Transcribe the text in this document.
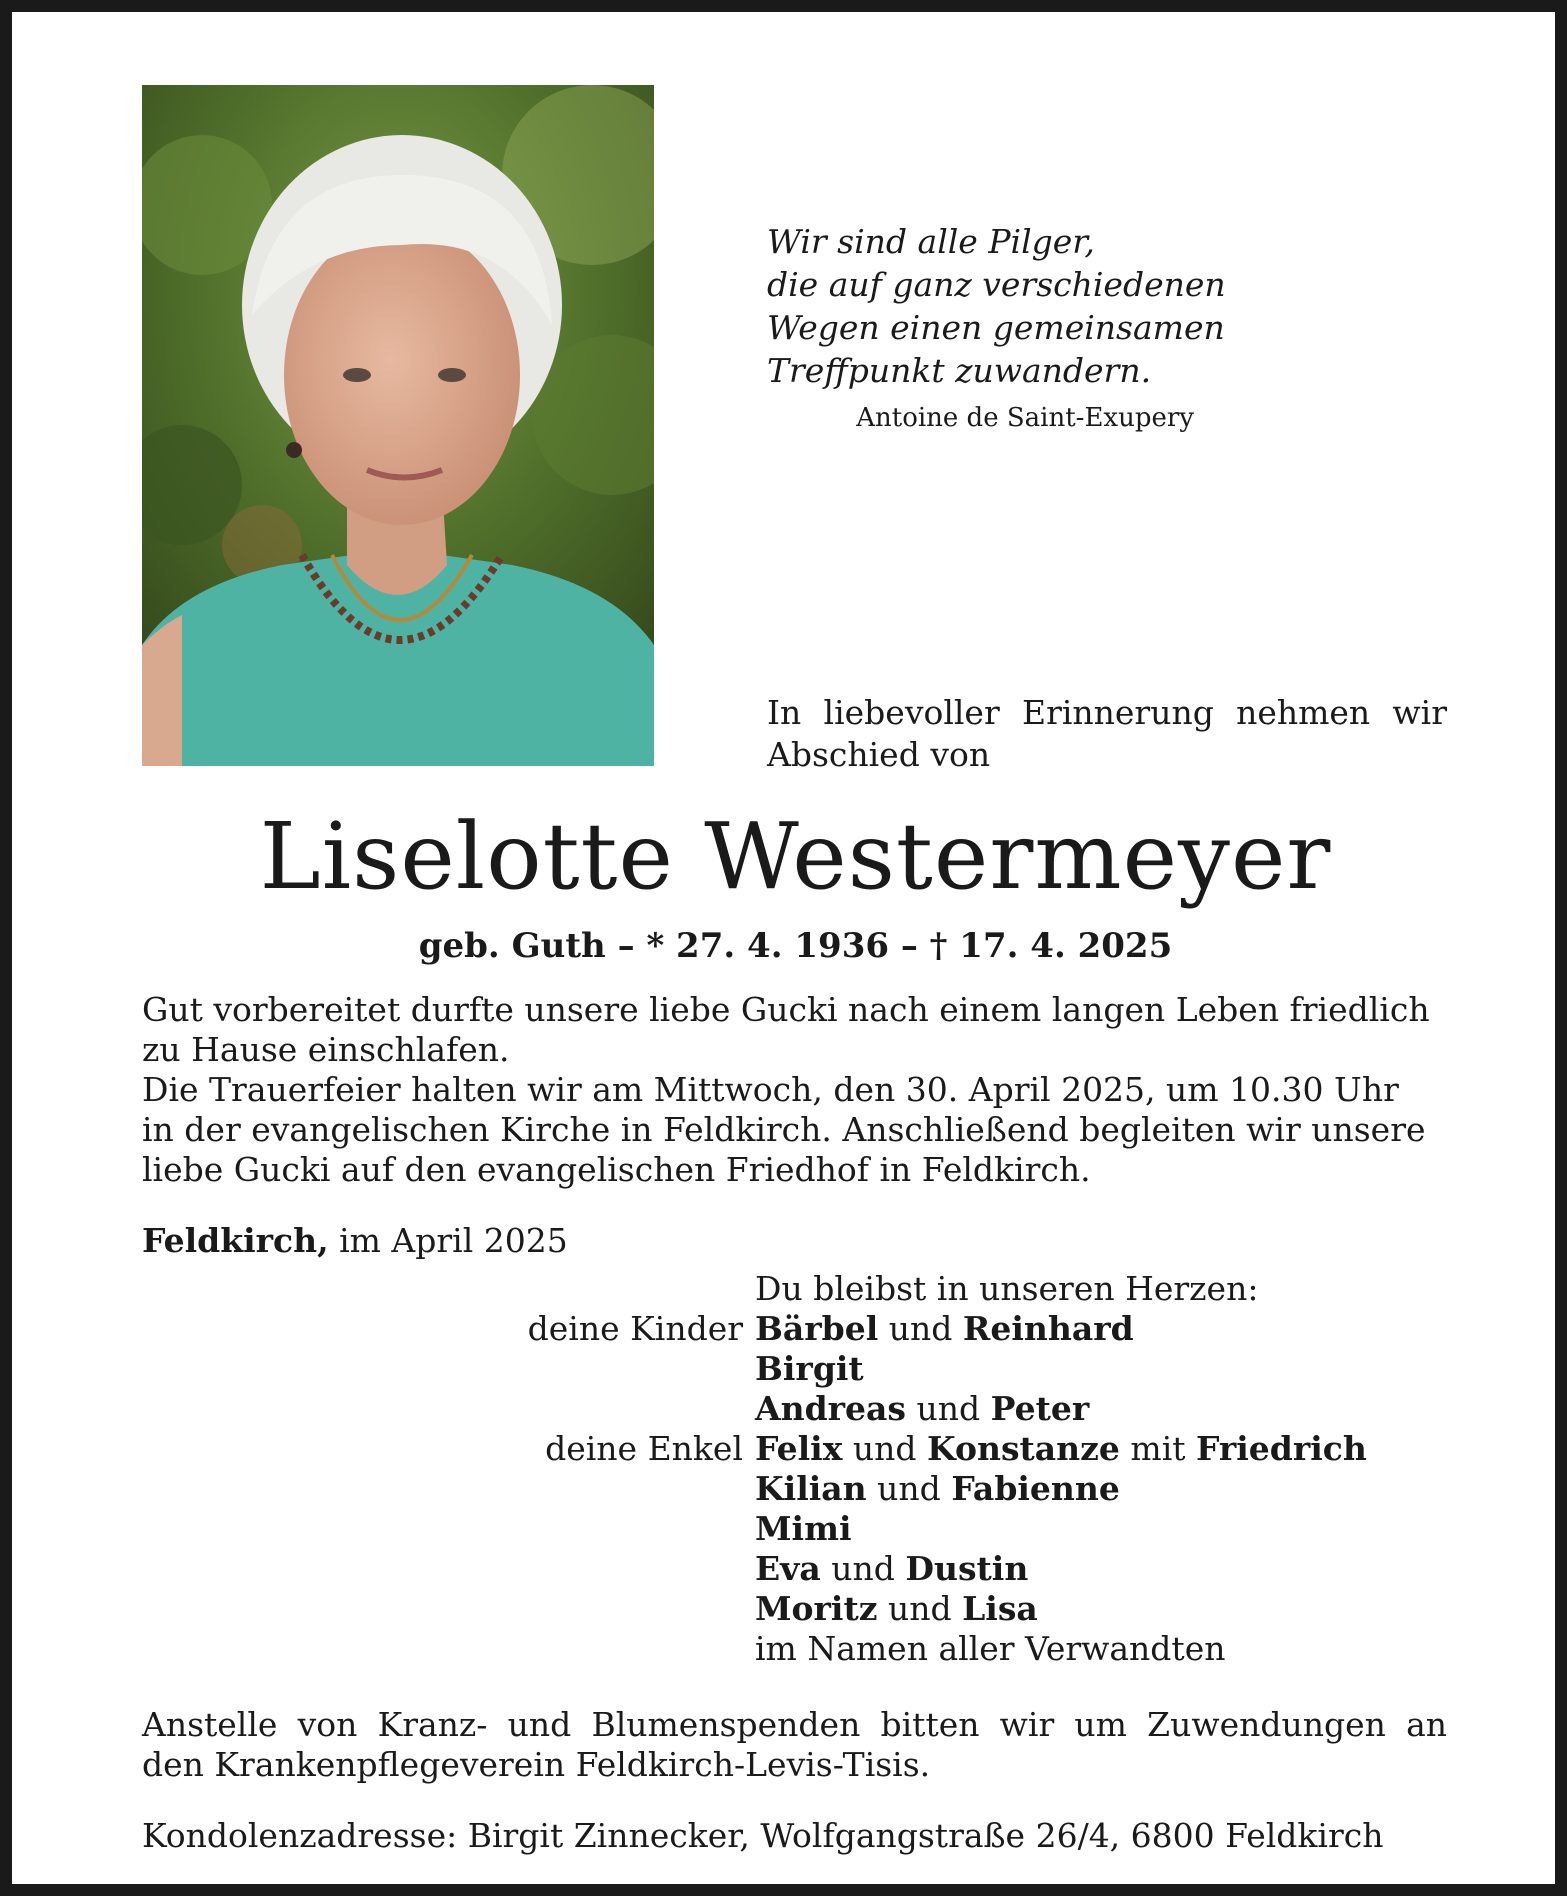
Wir sind alle Pilger,
die auf ganz verschiedenen
Wegen einen gemeinsamen
Treffpunkt zuwandern.
Antoine de Saint-Exupery
In liebevoller Erinnerung nehmen wir
Abschied von
Liselotte Westermeyer
geb. Guth – * 27. 4. 1936 – † 17. 4. 2025

Gut vorbereitet durfte unsere liebe Gucki nach einem langen Leben friedlich

zu Hause einschlafen.

Die Trauerfeier halten wir am Mittwoch, den 30. April 2025, um 10.30 Uhr

in der evangelischen Kirche in Feldkirch. Anschließend begleiten wir unsere

liebe Gucki auf den evangelischen Friedhof in Feldkirch.

Feldkirch, im April 2025
Du bleibst in unseren Herzen:
deine Kinder Bärbel und Reinhard
Birgit
Andreas und Peter
deine Enkel Felix und Konstanze mit Friedrich
Kilian und Fabienne
Mimi
Eva und Dustin
Moritz und Lisa
im Namen aller Verwandten
Anstelle von Kranz- und Blumenspenden bitten wir um Zuwendungen an
den Krankenpflegeverein Feldkirch-Levis-Tisis.
Kondolenzadresse: Birgit Zinnecker, Wolfgangstraße 26/4, 6800 Feldkirch
